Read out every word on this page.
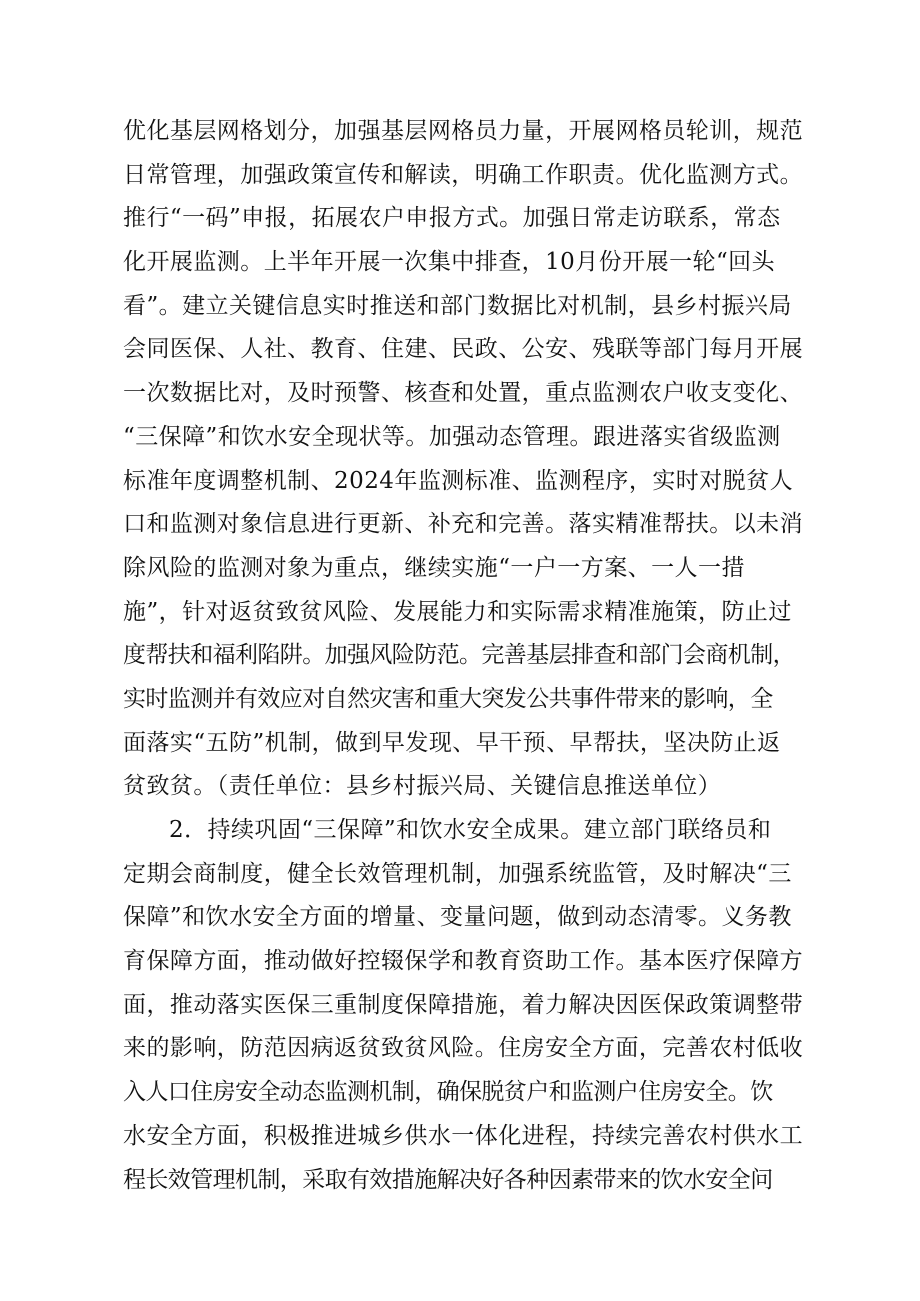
优化基层网格划分，加强基层网格员力量，开展网格员轮训，规范
日常管理，加强政策宣传和解读，明确工作职责。优化监测方式。
推行“一码”申报，拓展农户申报方式。加强日常走访联系，常态
化开展监测。上半年开展一次集中排查，10月份开展一轮“回头
看”。建立关键信息实时推送和部门数据比对机制，县乡村振兴局
会同医保、人社、教育、住建、民政、公安、残联等部门每月开展
一次数据比对，及时预警、核查和处置，重点监测农户收支变化、
“三保障”和饮水安全现状等。加强动态管理。跟进落实省级监测
标准年度调整机制、2024年监测标准、监测程序，实时对脱贫人
口和监测对象信息进行更新、补充和完善。落实精准帮扶。以未消
除风险的监测对象为重点，继续实施“一户一方案、一人一措
施”，针对返贫致贫风险、发展能力和实际需求精准施策，防止过
度帮扶和福利陷阱。加强风险防范。完善基层排查和部门会商机制，
实时监测并有效应对自然灾害和重大突发公共事件带来的影响，全
面落实“五防”机制，做到早发现、早干预、早帮扶，坚决防止返
贫致贫。（责任单位：县乡村振兴局、关键信息推送单位）
2．持续巩固“三保障”和饮水安全成果。建立部门联络员和
定期会商制度，健全长效管理机制，加强系统监管，及时解决“三
保障”和饮水安全方面的增量、变量问题，做到动态清零。义务教
育保障方面，推动做好控辍保学和教育资助工作。基本医疗保障方
面，推动落实医保三重制度保障措施，着力解决因医保政策调整带
来的影响，防范因病返贫致贫风险。住房安全方面，完善农村低收
入人口住房安全动态监测机制，确保脱贫户和监测户住房安全。饮
水安全方面，积极推进城乡供水一体化进程，持续完善农村供水工
程长效管理机制，采取有效措施解决好各种因素带来的饮水安全问
